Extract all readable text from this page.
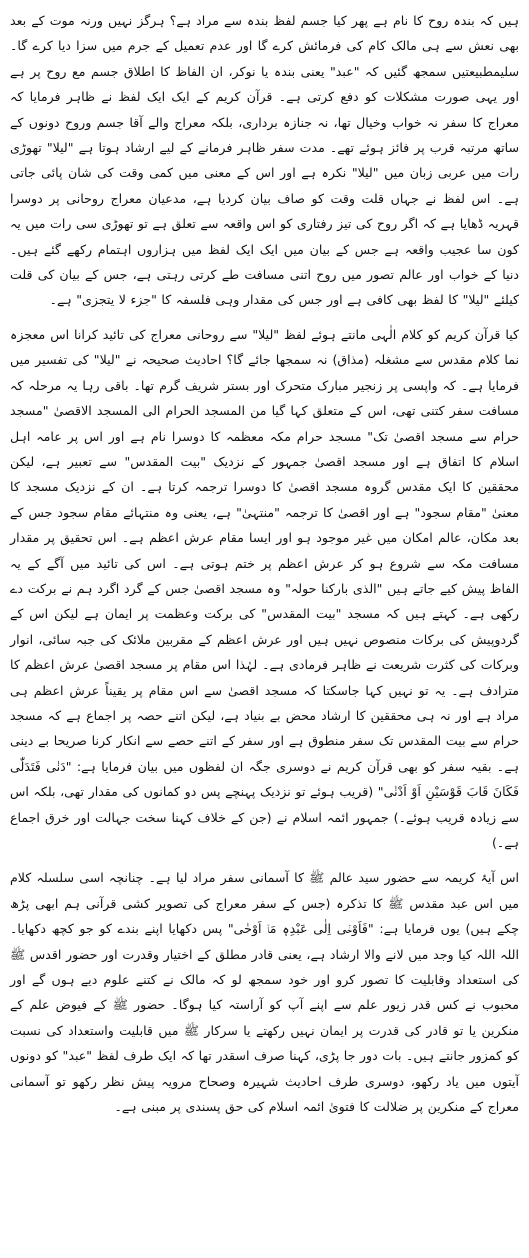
ہیں کہ بندہ روح کا نام ہے پھر کیا جسم لفظ بندہ سے مراد ہے؟ ہرگز نہیں ورنہ موت کے بعد بھی نعش سے ہی مالک کام کی فرمائش کرے گا اور عدم تعمیل کے جرم میں سزا دیا کرے گا۔ سلیمطبیعتیں سمجھ گئیں کہ "عبد" یعنی بندہ یا نوکر، ان الفاظ کا اطلاق جسم مع روح پر ہے اور یہی صورت مشکلات کو دفع کرتی ہے۔ قرآن کریم کے ایک ایک لفظ نے ظاہر فرمایا کہ معراج کا سفر نہ خواب وخیال تھا، نہ جنازہ برداری، بلکہ معراج والے آقا جسم وروح دونوں کے ساتھ مرتبہ قرب پر فائز ہوئے تھے۔ مدت سفر ظاہر فرمانے کے لیے ارشاد ہوتا ہے "لیلا" تھوڑی رات میں عربی زبان میں "لیلا" نکرہ ہے اور اس کے معنی میں کمی وقت کی شان پائی جاتی ہے۔ اس لفظ نے جہاں قلت وقت کو صاف بیان کردیا ہے، مدعیان معراج روحانی پر دوسرا قہریہ ڈھایا ہے کہ اگر روح کی تیز رفتاری کو اس واقعہ سے تعلق ہے تو تھوڑی سی رات میں یہ کون سا عجیب واقعہ ہے جس کے بیان میں ایک ایک لفظ میں ہزاروں اہتمام رکھے گئے ہیں۔ دنیا کے خواب اور عالم تصور میں روح اتنی مسافت طے کرتی رہتی ہے، جس کے بیان کی قلت کیلئے "لیلا" کا لفظ بھی کافی ہے اور جس کی مقدار وہی فلسفہ کا "جزء لا یتجزی" ہے۔

کیا قرآن کریم کو کلام الٰہی مانتے ہوئے لفظ "لیلا" سے روحانی معراج کی تائید کرانا اس معجزہ نما کلام مقدس سے مشغلہ (مذاق) نہ سمجھا جائے گا؟ احادیث صحیحہ نے "لیلا" کی تفسیر میں فرمایا ہے۔ کہ واپسی پر زنجیر مبارک متحرک اور بستر شریف گرم تھا۔ باقی رہا یہ مرحلہ کہ مسافت سفر کتنی تھی، اس کے متعلق کہا گیا من المسجد الحرام الی المسجد الاقصیٰ "مسجد حرام سے مسجد اقصیٰ تک" مسجد حرام مکہ معظمہ کا دوسرا نام ہے اور اس پر عامہ اہل اسلام کا اتفاق ہے اور مسجد اقصیٰ جمہور کے نزدیک "بیت المقدس" سے تعبیر ہے، لیکن محققین کا ایک مقدس گروہ مسجد اقصیٰ کا دوسرا ترجمہ کرتا ہے۔ ان کے نزدیک مسجد کا معنیٰ "مقام سجود" ہے اور اقصیٰ کا ترجمہ "منتہیٰ" ہے، یعنی وہ منتہائے مقام سجود جس کے بعد مکان، عالم امکان میں غیر موجود ہو اور ایسا مقام عرش اعظم ہے۔ اس تحقیق پر مقدار مسافت مکہ سے شروع ہو کر عرش اعظم پر ختم ہوتی ہے۔ اس کی تائید میں آگے کے یہ الفاظ پیش کیے جاتے ہیں "الذی بارکنا حولہ" وہ مسجد اقصیٰ جس کے گرد اگرد ہم نے برکت دے رکھی ہے۔ کہتے ہیں کہ مسجد "بیت المقدس" کی برکت وعظمت پر ایمان ہے لیکن اس کے گردوپیش کی برکات منصوص نہیں ہیں اور عرش اعظم کے مقربین ملائک کی جبہ سائی، انوار وبرکات کی کثرت شریعت نے ظاہر فرمادی ہے۔ لہٰذا اس مقام پر مسجد اقصیٰ عرش اعظم کا مترادف ہے۔ یہ تو نہیں کہا جاسکتا کہ مسجد اقصیٰ سے اس مقام پر یقیناً عرش اعظم ہی مراد ہے اور نہ ہی محققین کا ارشاد محض بے بنیاد ہے، لیکن اتنے حصہ پر اجماع ہے کہ مسجد حرام سے بیت المقدس تک سفر منطوق ہے اور سفر کے اتنے حصے سے انکار کرنا صریحا بے دینی ہے۔ بقیہ سفر کو بھی قرآن کریم نے دوسری جگہ ان لفظوں میں بیان فرمایا ہے: "دَنٰی فَتَدَلّٰی فَكَانَ قَابَ قَوْسَيْنِ اَوْ اَدْنٰی" (قریب ہوئے تو نزدیک پہنچے پس دو کمانوں کی مقدار تھی، بلکہ اس سے زیادہ قریب ہوئے۔) جمہور ائمہ اسلام نے (جن کے خلاف کہنا سخت جہالت اور خرق اجماع ہے۔)

اس آیۂ کریمہ سے حضور سید عالم ﷺ کا آسمانی سفر مراد لیا ہے۔ چنانچہ اسی سلسلہ کلام میں اس عبد مقدس ﷺ کا تذکرہ (جس کے سفر معراج کی تصویر کشی قرآنی ہم ابھی پڑھ چکے ہیں) یوں فرمایا ہے: "فَاَوْحٰۤی اِلٰی عَبْدِهٖ مَاۤ اَوْحٰی" پس دکھایا اپنے بندے کو جو کچھ دکھایا۔ اللہ اللہ کیا وجد میں لانے والا ارشاد ہے، یعنی قادر مطلق کے اختیار وقدرت اور حضور اقدس ﷺ کی استعداد وقابلیت کا تصور کرو اور خود سمجھ لو کہ مالک نے کتنے علوم دیے ہوں گے اور محبوب نے کس قدر زیور علم سے اپنے آپ کو آراستہ کیا ہوگا۔ حضور ﷺ کے فیوض علم کے منکرین یا تو قادر کی قدرت پر ایمان نہیں رکھتے یا سرکار ﷺ میں قابلیت واستعداد کی نسبت کو کمزور جانتے ہیں۔ بات دور جا پڑی، کہنا صرف اسقدر تھا کہ ایک طرف لفظ "عبد" کو دونوں آیتوں میں یاد رکھو، دوسری طرف احادیث شہیرہ وصحاح مرویہ پیش نظر رکھو تو آسمانی معراج کے منکرین پر ضلالت کا فتویٰ ائمہ اسلام کی حق پسندی پر مبنی ہے۔
